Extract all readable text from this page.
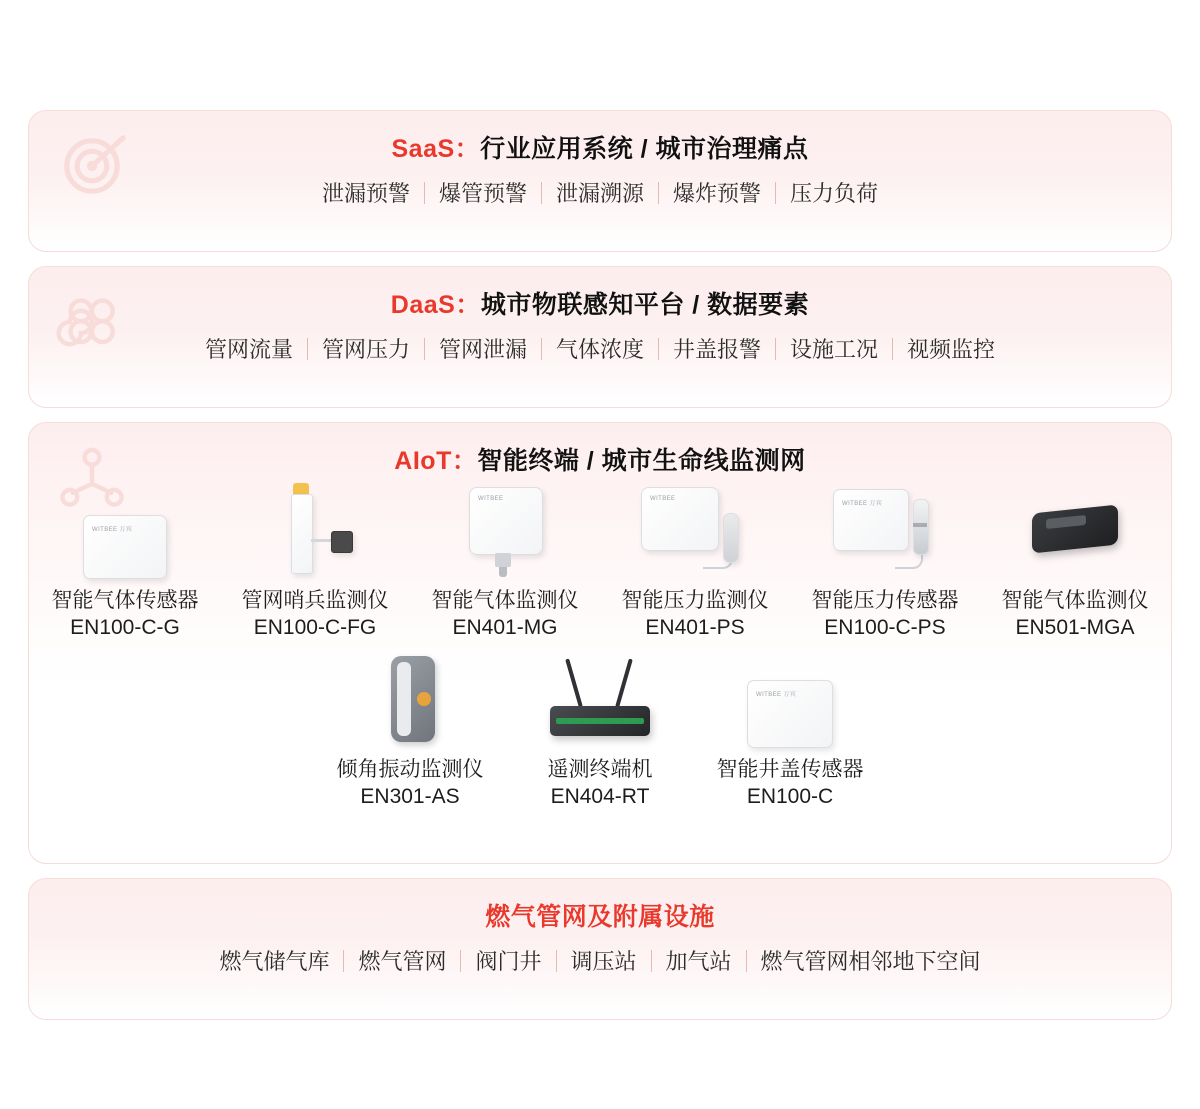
SaaS：行业应用系统 / 城市治理痛点
泄漏预警	爆管预警	泄漏溯源	爆炸预警	压力负荷
DaaS：城市物联感知平台 / 数据要素
管网流量	管网压力	管网泄漏	气体浓度	井盖报警	设施工况	视频监控
AIoT：智能终端 / 城市生命线监测网
WITBEE 万宾
智能气体传感器
EN100-C-G
管网哨兵监测仪
EN100-C-FG
WITBEE
智能气体监测仪
EN401-MG
WITBEE
智能压力监测仪
EN401-PS
WITBEE 万宾
智能压力传感器
EN100-C-PS
智能气体监测仪
EN501-MGA
倾角振动监测仪
EN301-AS
遥测终端机
EN404-RT
WITBEE 万宾
智能井盖传感器
EN100-C
燃气管网及附属设施
燃气储气库	燃气管网	阀门井	调压站	加气站	燃气管网相邻地下空间
